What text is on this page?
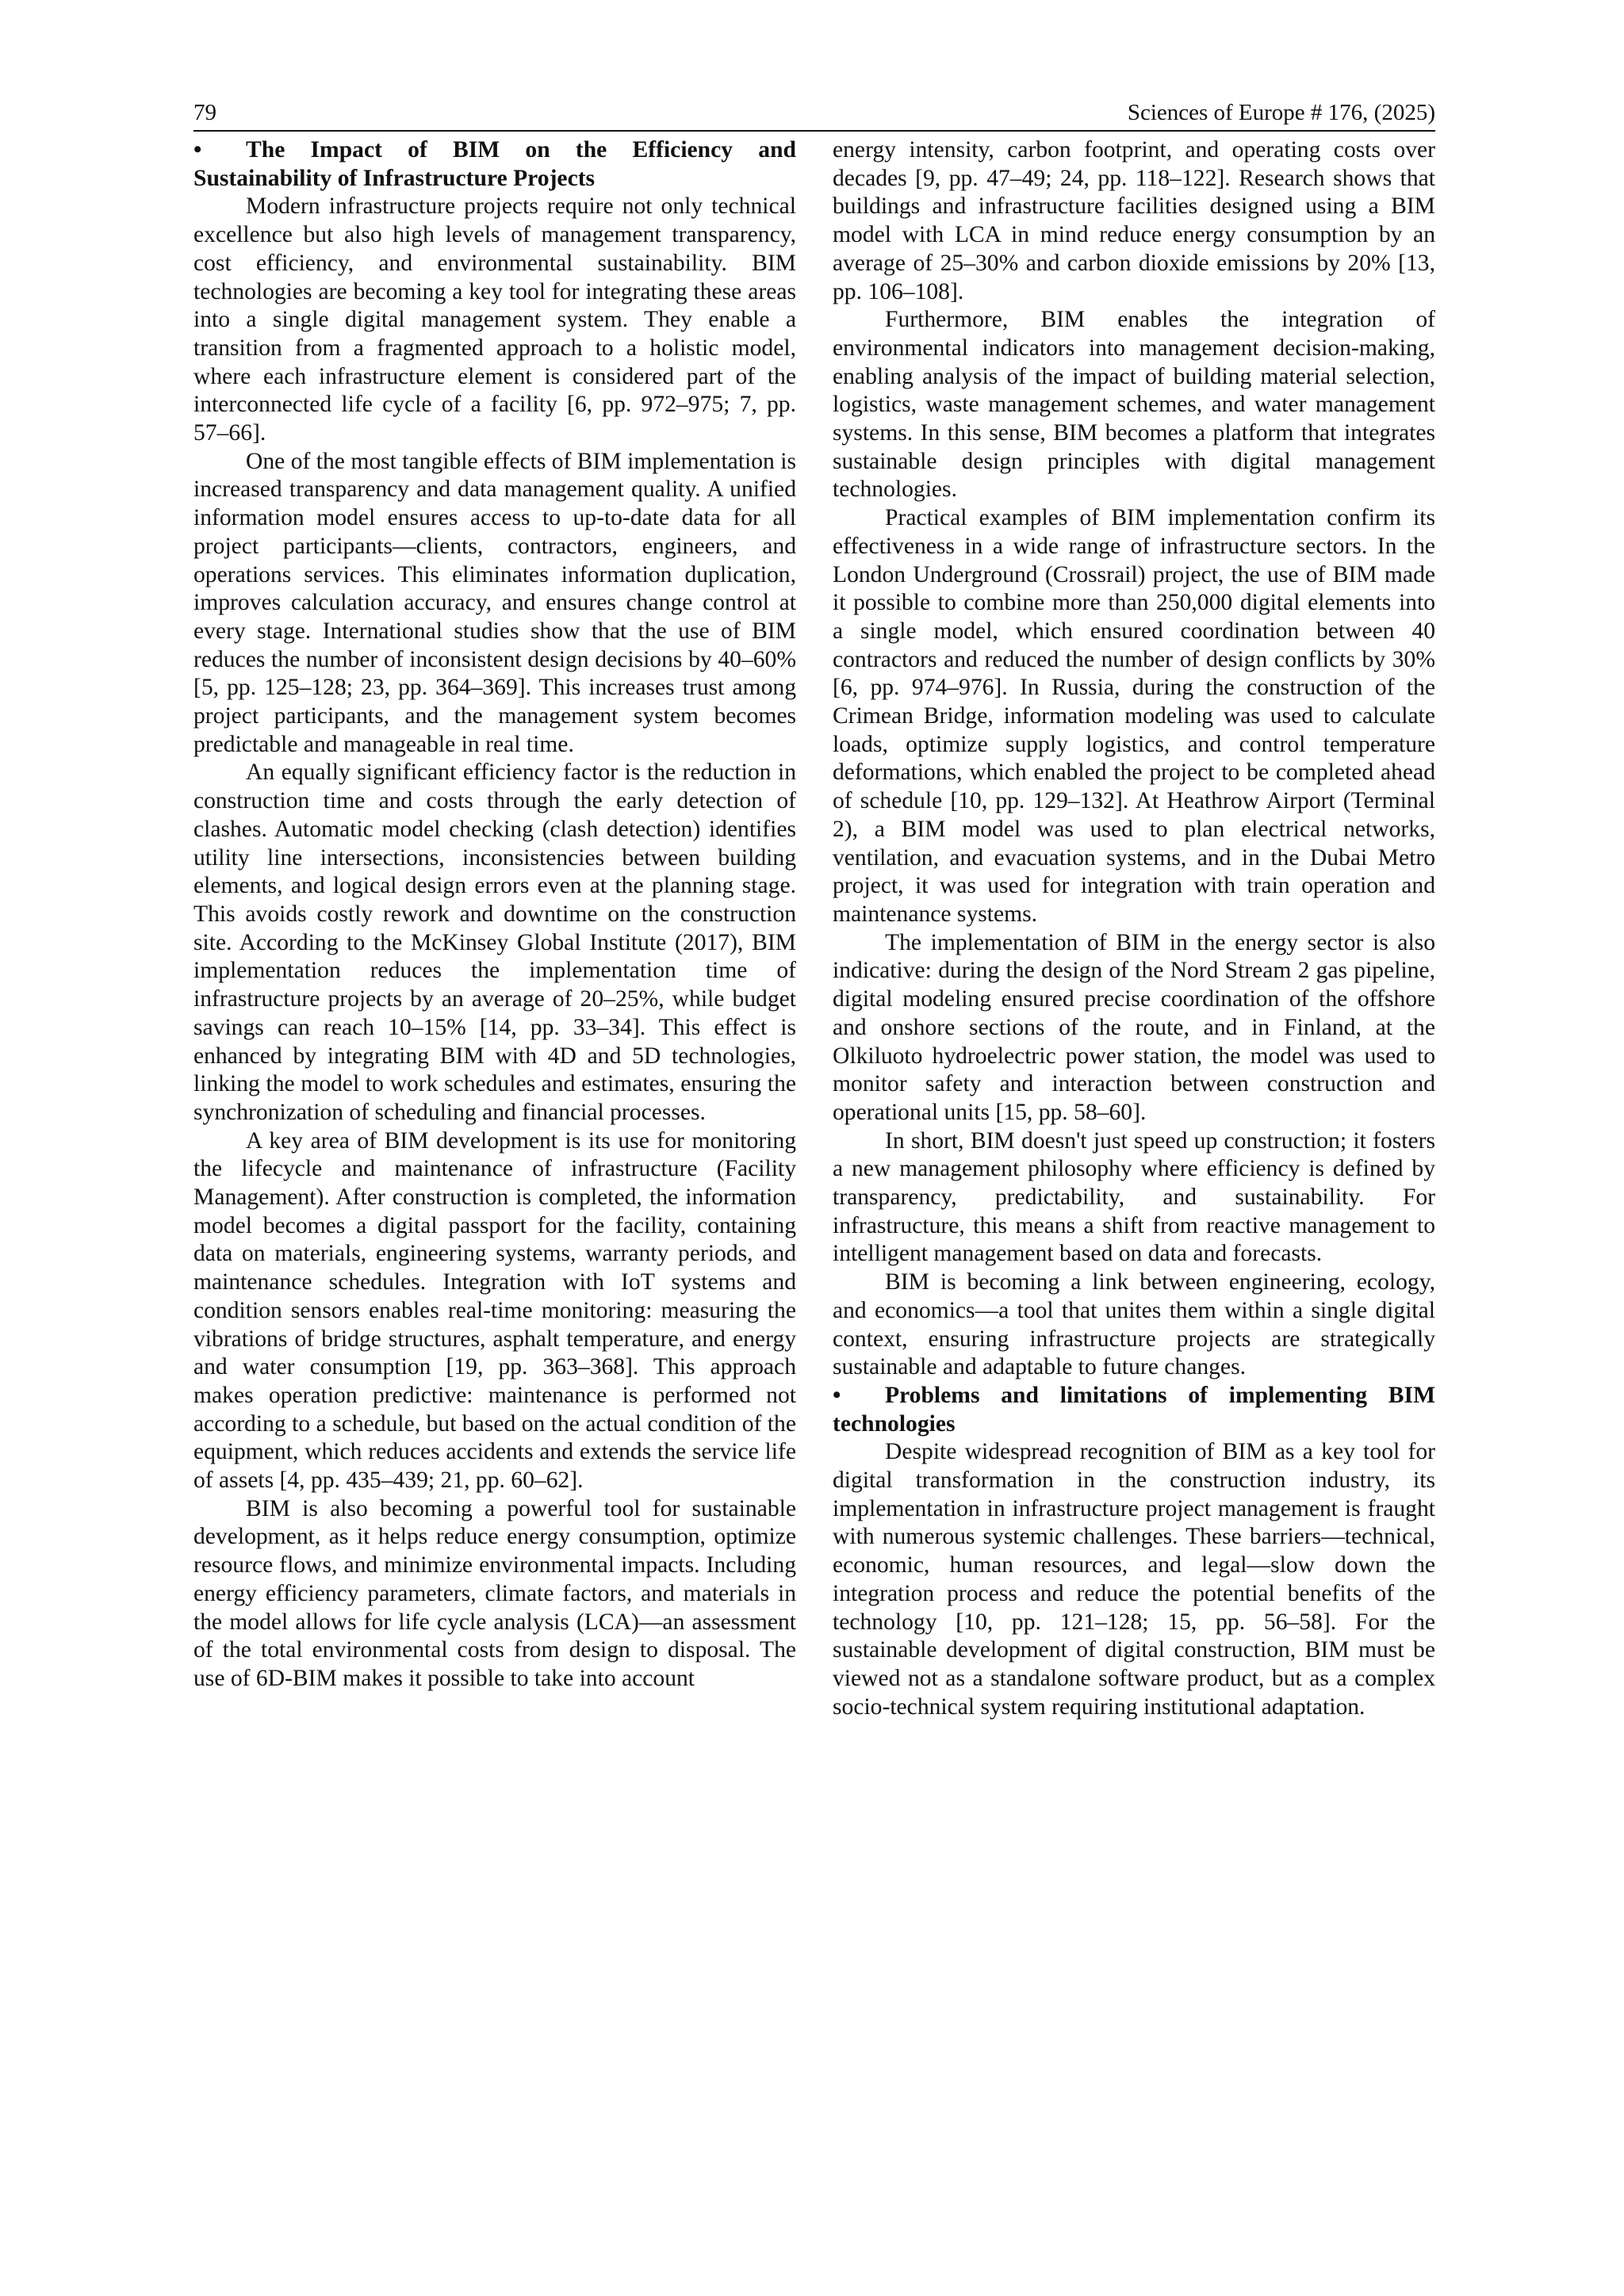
79	Sciences of Europe # 176, (2025)

• The Impact of BIM on the Efficiency and Sustainability of Infrastructure Projects

Modern infrastructure projects require not only technical excellence but also high levels of management transparency, cost efficiency, and environmental sustainability. BIM technologies are becoming a key tool for integrating these areas into a single digital management system. They enable a transition from a fragmented approach to a holistic model, where each infrastructure element is considered part of the interconnected life cycle of a facility [6, pp. 972–975; 7, pp. 57–66].

One of the most tangible effects of BIM implementation is increased transparency and data management quality. A unified information model ensures access to up-to-date data for all project participants—clients, contractors, engineers, and operations services. This eliminates information duplication, improves calculation accuracy, and ensures change control at every stage. International studies show that the use of BIM reduces the number of inconsistent design decisions by 40–60% [5, pp. 125–128; 23, pp. 364–369]. This increases trust among project participants, and the management system becomes predictable and manageable in real time.

An equally significant efficiency factor is the reduction in construction time and costs through the early detection of clashes. Automatic model checking (clash detection) identifies utility line intersections, inconsistencies between building elements, and logical design errors even at the planning stage. This avoids costly rework and downtime on the construction site. According to the McKinsey Global Institute (2017), BIM implementation reduces the implementation time of infrastructure projects by an average of 20–25%, while budget savings can reach 10–15% [14, pp. 33–34]. This effect is enhanced by integrating BIM with 4D and 5D technologies, linking the model to work schedules and estimates, ensuring the synchronization of scheduling and financial processes.

A key area of BIM development is its use for monitoring the lifecycle and maintenance of infrastructure (Facility Management). After construction is completed, the information model becomes a digital passport for the facility, containing data on materials, engineering systems, warranty periods, and maintenance schedules. Integration with IoT systems and condition sensors enables real-time monitoring: measuring the vibrations of bridge structures, asphalt temperature, and energy and water consumption [19, pp. 363–368]. This approach makes operation predictive: maintenance is performed not according to a schedule, but based on the actual condition of the equipment, which reduces accidents and extends the service life of assets [4, pp. 435–439; 21, pp. 60–62].

BIM is also becoming a powerful tool for sustainable development, as it helps reduce energy consumption, optimize resource flows, and minimize environmental impacts. Including energy efficiency parameters, climate factors, and materials in the model allows for life cycle analysis (LCA)—an assessment of the total environmental costs from design to disposal. The use of 6D-BIM makes it possible to take into account

energy intensity, carbon footprint, and operating costs over decades [9, pp. 47–49; 24, pp. 118–122]. Research shows that buildings and infrastructure facilities designed using a BIM model with LCA in mind reduce energy consumption by an average of 25–30% and carbon dioxide emissions by 20% [13, pp. 106–108].

Furthermore, BIM enables the integration of environmental indicators into management decision-making, enabling analysis of the impact of building material selection, logistics, waste management schemes, and water management systems. In this sense, BIM becomes a platform that integrates sustainable design principles with digital management technologies.

Practical examples of BIM implementation confirm its effectiveness in a wide range of infrastructure sectors. In the London Underground (Crossrail) project, the use of BIM made it possible to combine more than 250,000 digital elements into a single model, which ensured coordination between 40 contractors and reduced the number of design conflicts by 30% [6, pp. 974–976]. In Russia, during the construction of the Crimean Bridge, information modeling was used to calculate loads, optimize supply logistics, and control temperature deformations, which enabled the project to be completed ahead of schedule [10, pp. 129–132]. At Heathrow Airport (Terminal 2), a BIM model was used to plan electrical networks, ventilation, and evacuation systems, and in the Dubai Metro project, it was used for integration with train operation and maintenance systems.

The implementation of BIM in the energy sector is also indicative: during the design of the Nord Stream 2 gas pipeline, digital modeling ensured precise coordination of the offshore and onshore sections of the route, and in Finland, at the Olkiluoto hydroelectric power station, the model was used to monitor safety and interaction between construction and operational units [15, pp. 58–60].

In short, BIM doesn't just speed up construction; it fosters a new management philosophy where efficiency is defined by transparency, predictability, and sustainability. For infrastructure, this means a shift from reactive management to intelligent management based on data and forecasts.

BIM is becoming a link between engineering, ecology, and economics—a tool that unites them within a single digital context, ensuring infrastructure projects are strategically sustainable and adaptable to future changes.

• Problems and limitations of implementing BIM technologies

Despite widespread recognition of BIM as a key tool for digital transformation in the construction industry, its implementation in infrastructure project management is fraught with numerous systemic challenges. These barriers—technical, economic, human resources, and legal—slow down the integration process and reduce the potential benefits of the technology [10, pp. 121–128; 15, pp. 56–58]. For the sustainable development of digital construction, BIM must be viewed not as a standalone software product, but as a complex socio-technical system requiring institutional adaptation.
